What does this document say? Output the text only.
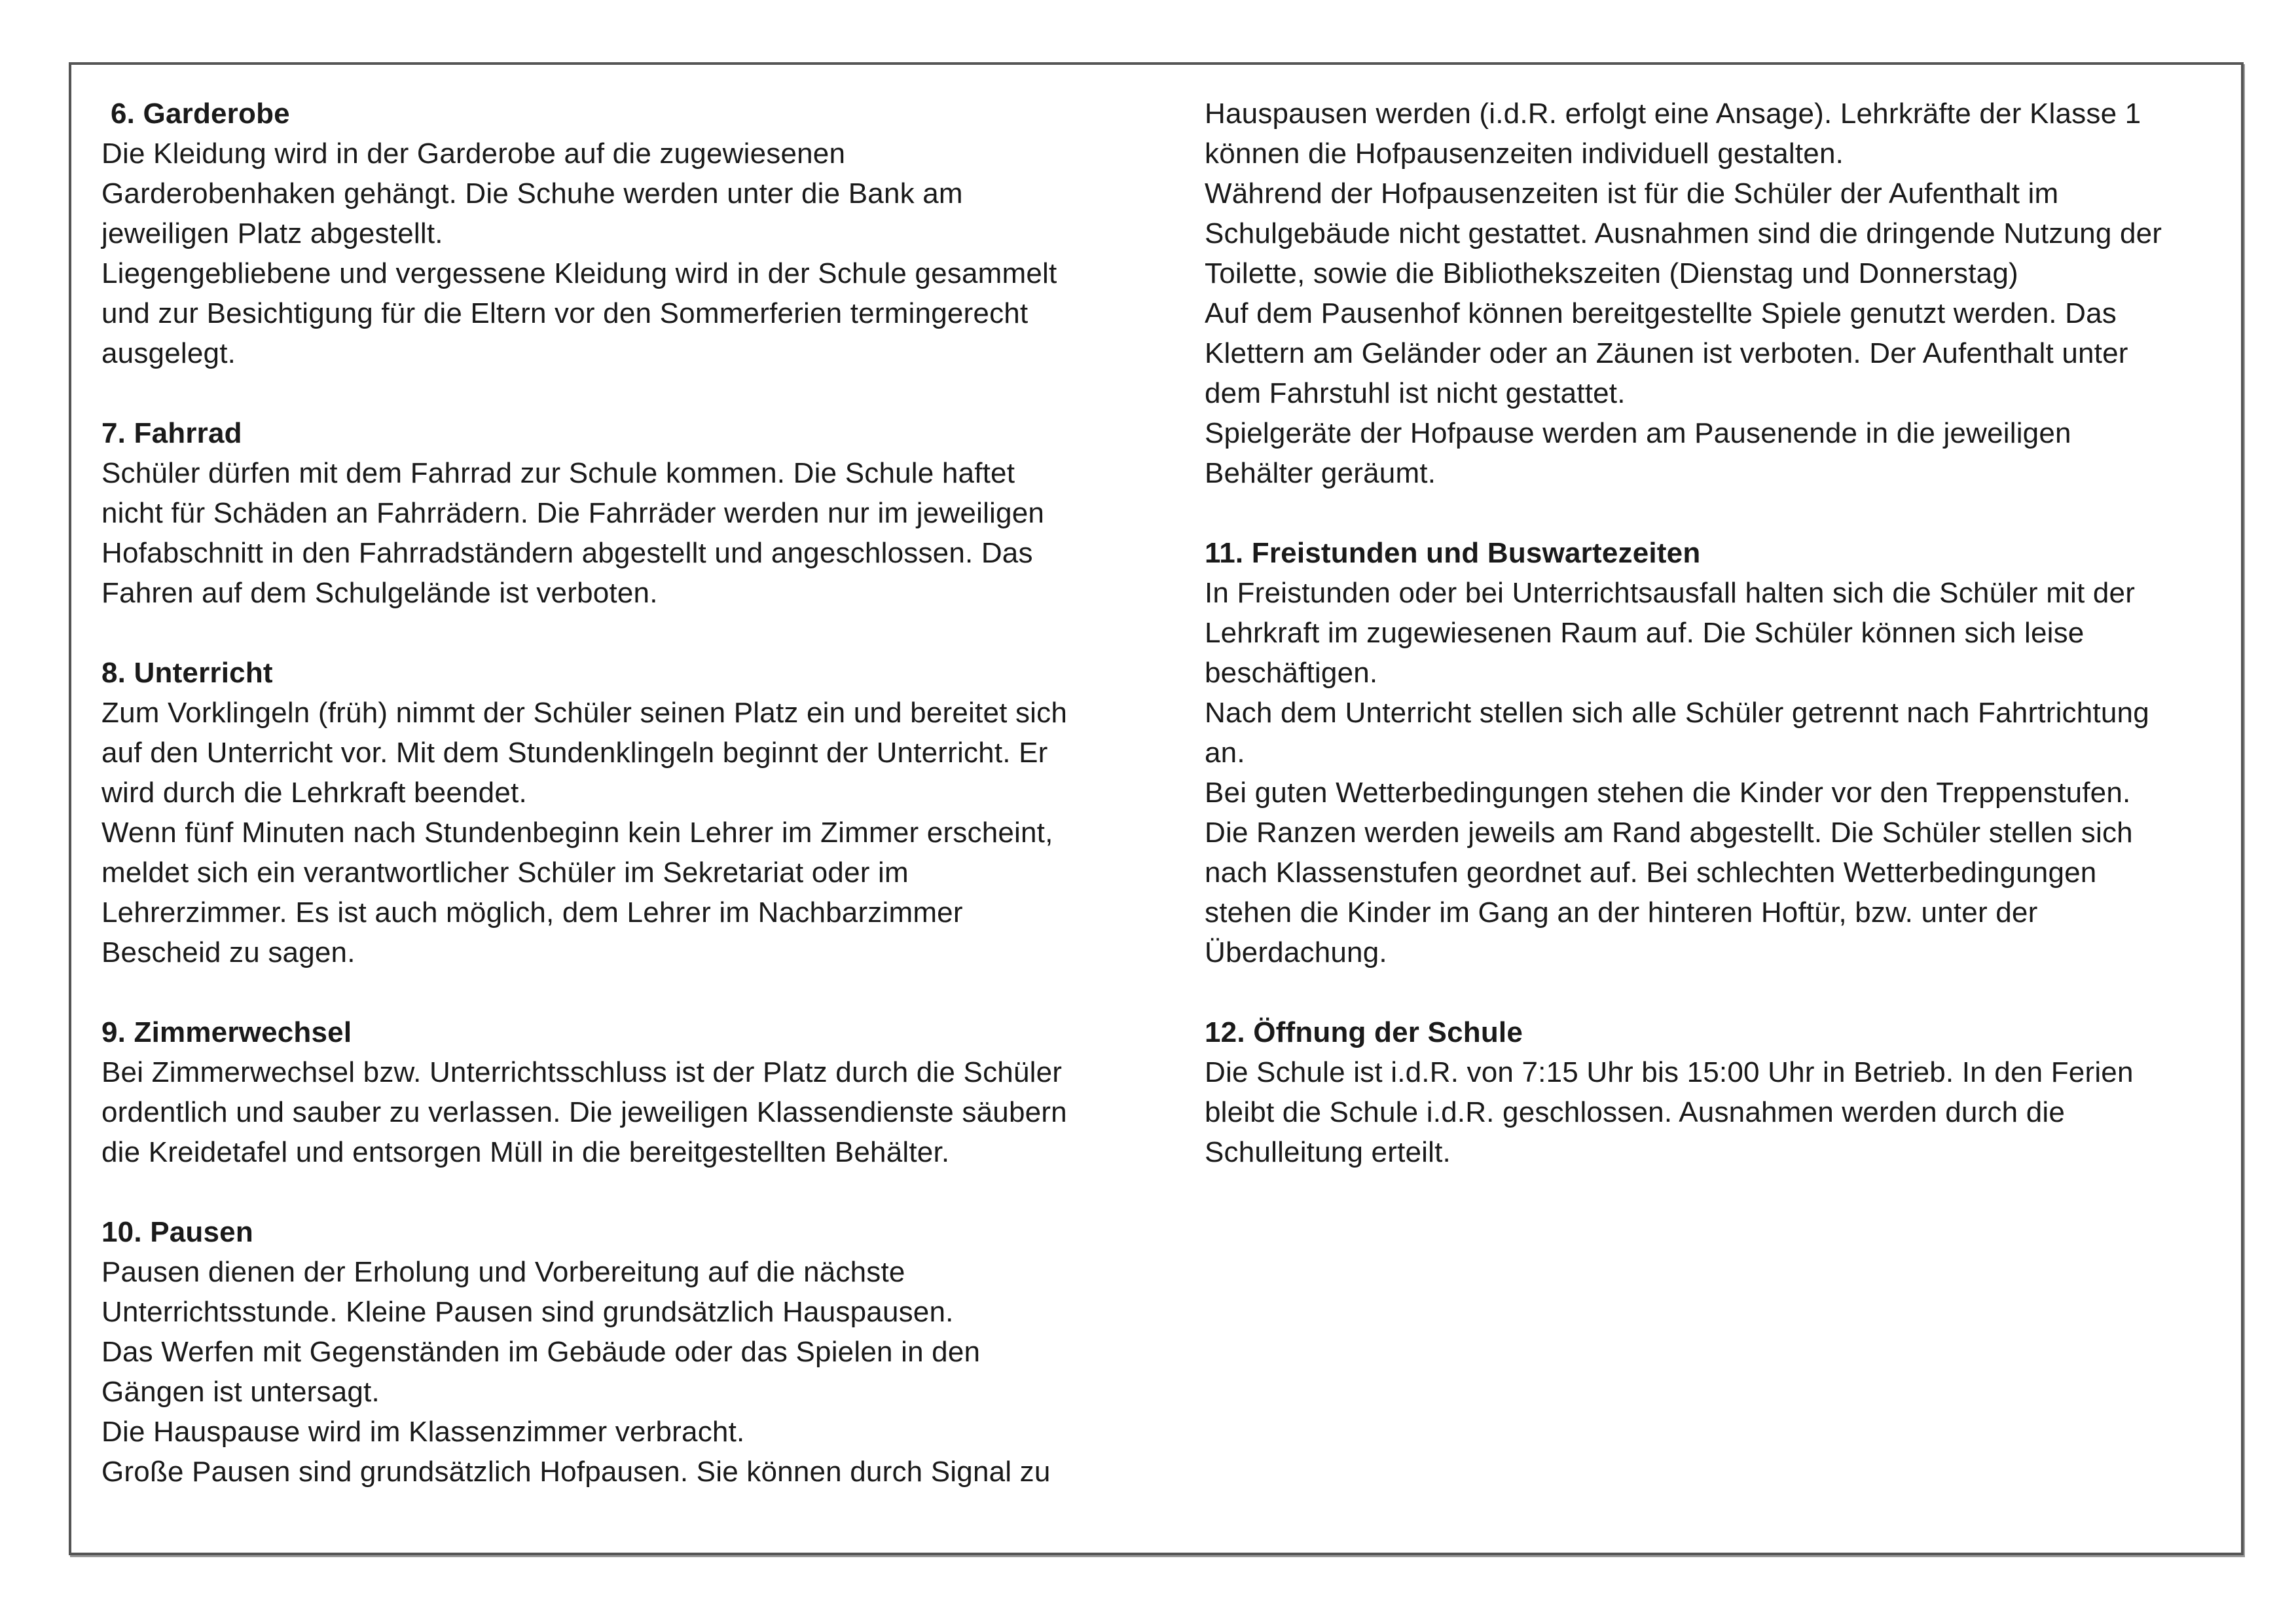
6. Garderobe
Die Kleidung wird in der Garderobe auf die zugewiesenen
Garderobenhaken gehängt. Die Schuhe werden unter die Bank am
jeweiligen Platz abgestellt.
Liegengebliebene und vergessene Kleidung wird in der Schule gesammelt
und zur Besichtigung für die Eltern vor den Sommerferien termingerecht
ausgelegt.
7. Fahrrad
Schüler dürfen mit dem Fahrrad zur Schule kommen. Die Schule haftet
nicht für Schäden an Fahrrädern. Die Fahrräder werden nur im jeweiligen
Hofabschnitt in den Fahrradständern abgestellt und angeschlossen. Das
Fahren auf dem Schulgelände ist verboten.
8. Unterricht
Zum Vorklingeln (früh) nimmt der Schüler seinen Platz ein und bereitet sich
auf den Unterricht vor. Mit dem Stundenklingeln beginnt der Unterricht. Er
wird durch die Lehrkraft beendet.
Wenn fünf Minuten nach Stundenbeginn kein Lehrer im Zimmer erscheint,
meldet sich ein verantwortlicher Schüler im Sekretariat oder im
Lehrerzimmer. Es ist auch möglich, dem Lehrer im Nachbarzimmer
Bescheid zu sagen.
9. Zimmerwechsel
Bei Zimmerwechsel bzw. Unterrichtsschluss ist der Platz durch die Schüler
ordentlich und sauber zu verlassen. Die jeweiligen Klassendienste säubern
die Kreidetafel und entsorgen Müll in die bereitgestellten Behälter.
10. Pausen
Pausen dienen der Erholung und Vorbereitung auf die nächste
Unterrichtsstunde. Kleine Pausen sind grundsätzlich Hauspausen.
Das Werfen mit Gegenständen im Gebäude oder das Spielen in den
Gängen ist untersagt.
Die Hauspause wird im Klassenzimmer verbracht.
Große Pausen sind grundsätzlich Hofpausen. Sie können durch Signal zu
Hauspausen werden (i.d.R. erfolgt eine Ansage). Lehrkräfte der Klasse 1
können die Hofpausenzeiten individuell gestalten.
Während der Hofpausenzeiten ist für die Schüler der Aufenthalt im
Schulgebäude nicht gestattet. Ausnahmen sind die dringende Nutzung der
Toilette, sowie die Bibliothekszeiten (Dienstag und Donnerstag)
Auf dem Pausenhof können bereitgestellte Spiele genutzt werden. Das
Klettern am Geländer oder an Zäunen ist verboten. Der Aufenthalt unter
dem Fahrstuhl ist nicht gestattet.
Spielgeräte der Hofpause werden am Pausenende in die jeweiligen
Behälter geräumt.
11. Freistunden und Buswartezeiten
In Freistunden oder bei Unterrichtsausfall halten sich die Schüler mit der
Lehrkraft im zugewiesenen Raum auf. Die Schüler können sich leise
beschäftigen.
Nach dem Unterricht stellen sich alle Schüler getrennt nach Fahrtrichtung
an.
Bei guten Wetterbedingungen stehen die Kinder vor den Treppenstufen.
Die Ranzen werden jeweils am Rand abgestellt. Die Schüler stellen sich
nach Klassenstufen geordnet auf. Bei schlechten Wetterbedingungen
stehen die Kinder im Gang an der hinteren Hoftür, bzw. unter der
Überdachung.
12. Öffnung der Schule
Die Schule ist i.d.R. von 7:15 Uhr bis 15:00 Uhr in Betrieb. In den Ferien
bleibt die Schule i.d.R. geschlossen. Ausnahmen werden durch die
Schulleitung erteilt.
